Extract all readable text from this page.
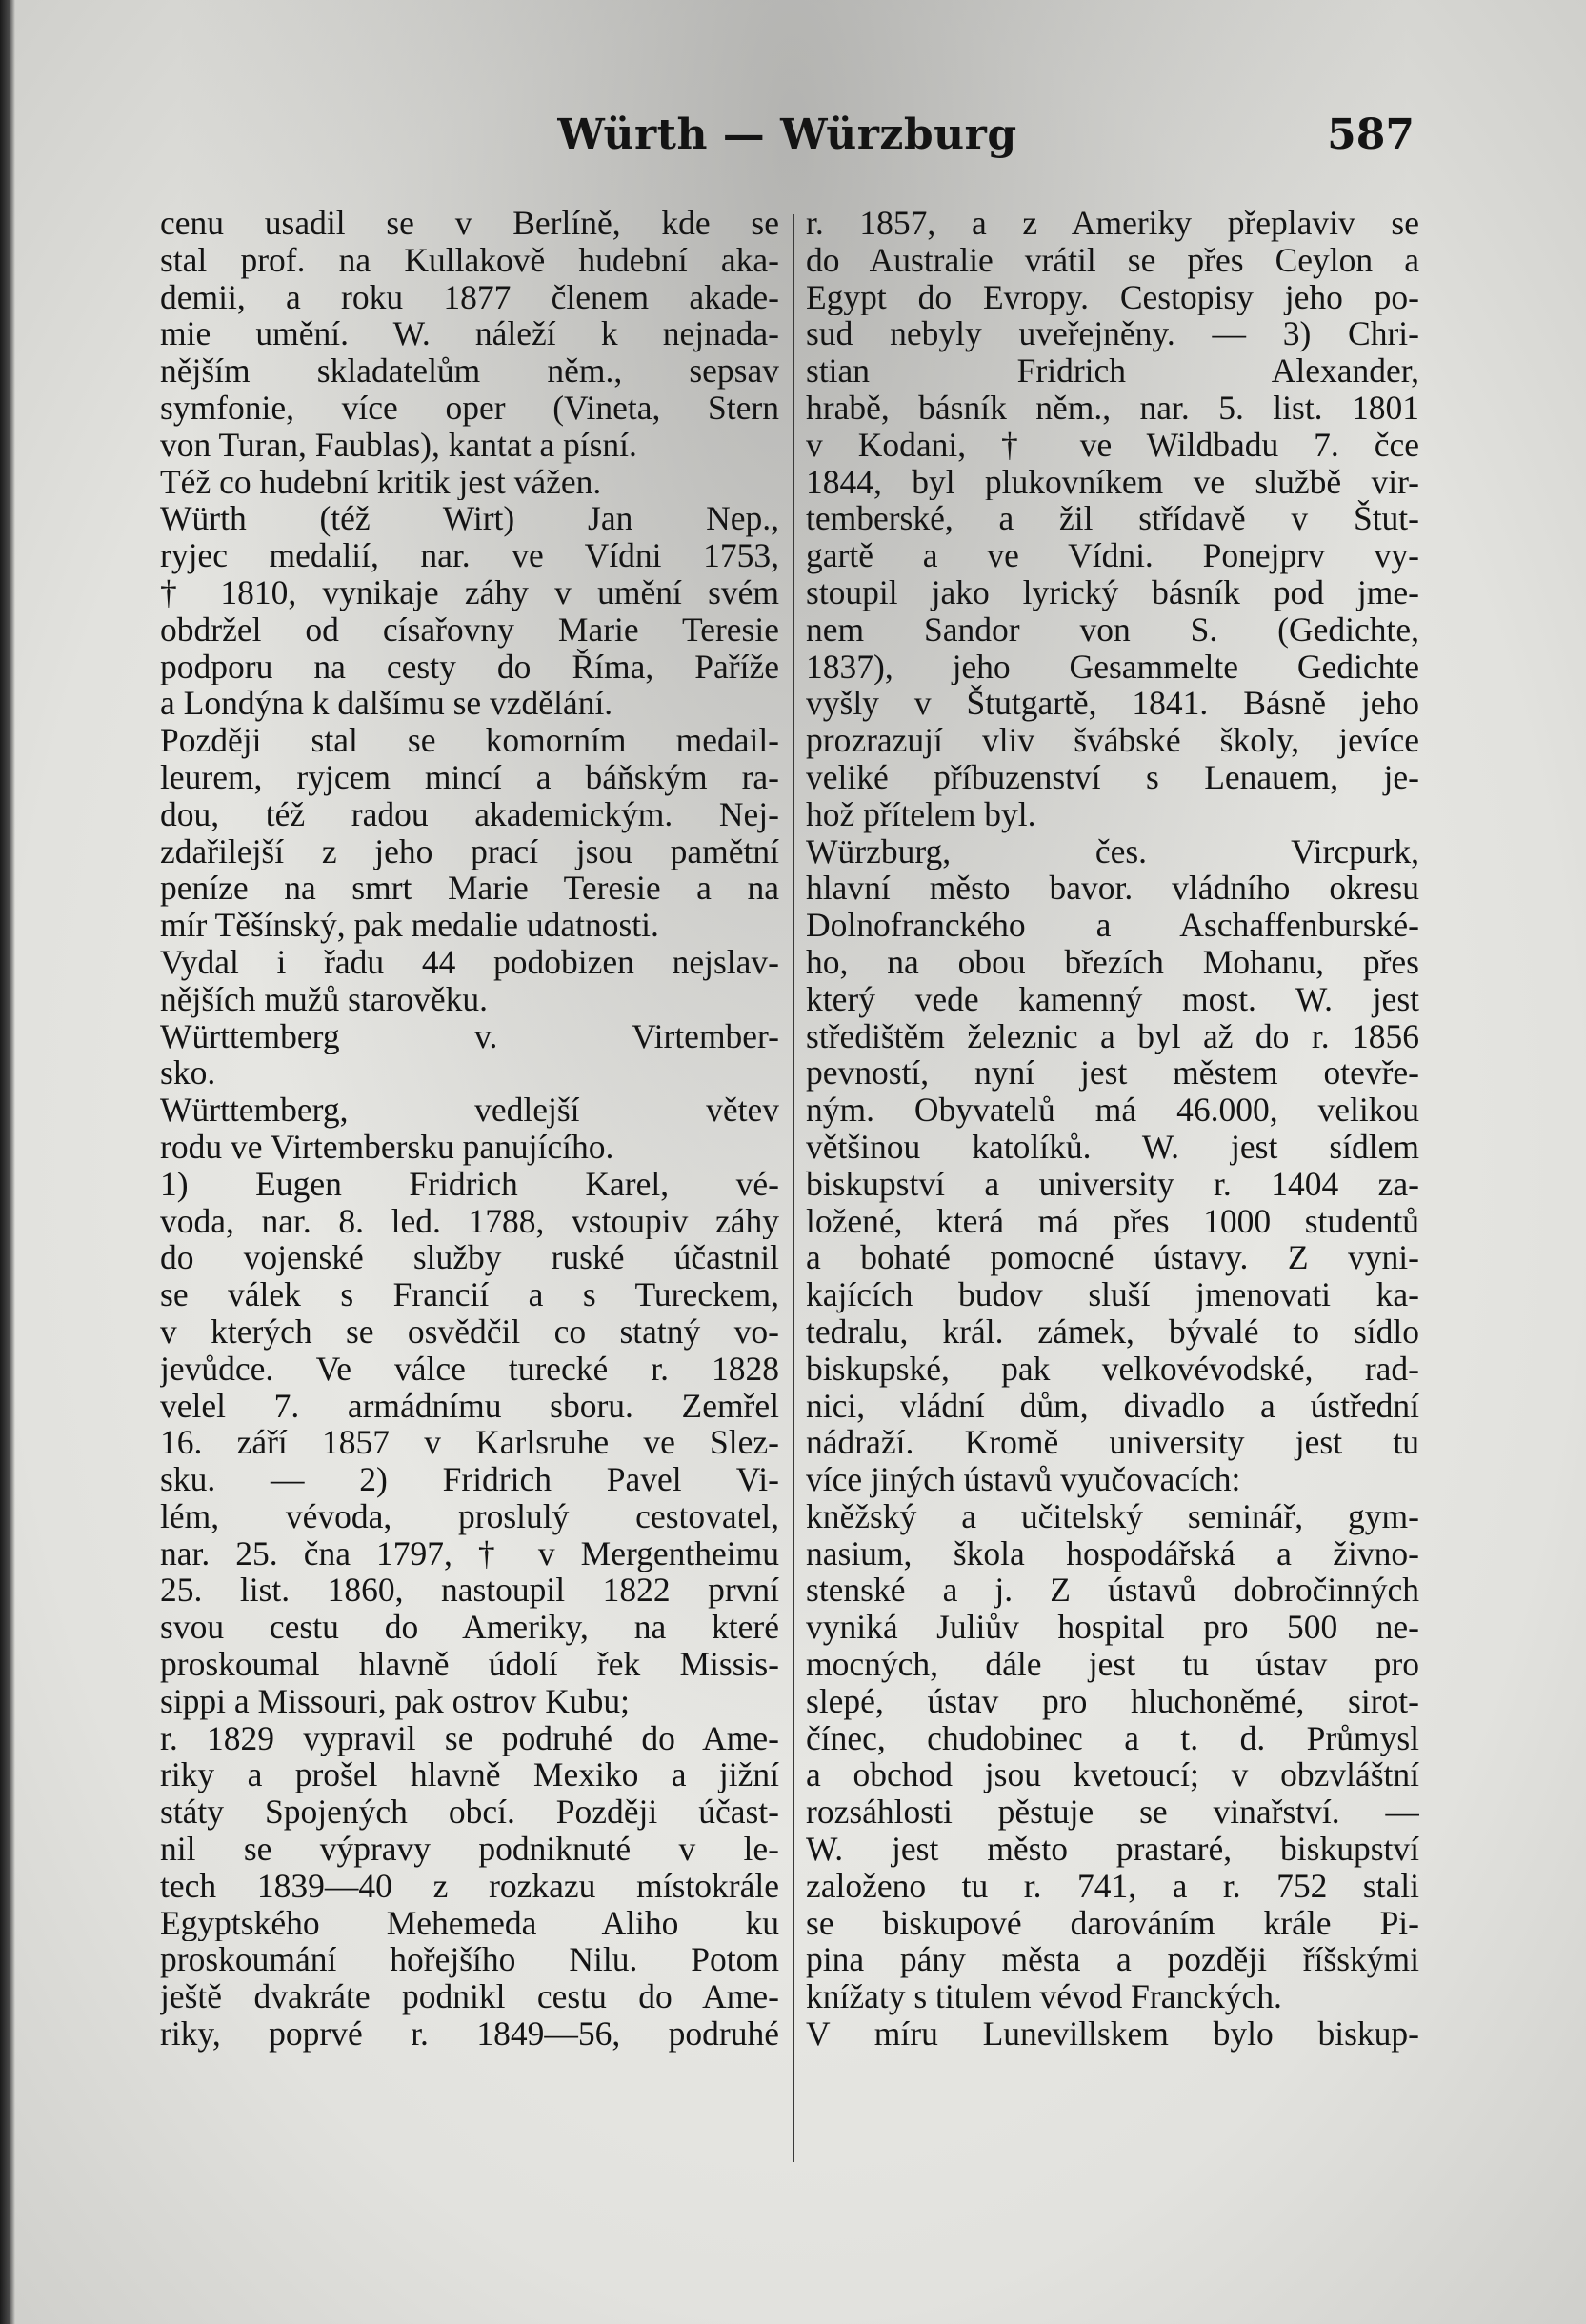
Würth — Würzburg	587
cenu usadil se v Berlíně, kde se
stal prof. na Kullakově hudební aka-
demii, a roku 1877 členem akade-
mie umění. W. náleží k nejnada-
nějším skladatelům něm., sepsav
symfonie, více oper (Vineta, Stern
von Turan, Faublas), kantat a písní.
Též co hudební kritik jest vážen.
Würth (též Wirt) Jan Nep.,
ryjec medalií, nar. ve Vídni 1753,
† 1810, vynikaje záhy v umění svém
obdržel od císařovny Marie Teresie
podporu na cesty do Říma, Paříže
a Londýna k dalšímu se vzdělání.
Později stal se komorním medail-
leurem, ryjcem mincí a báňským ra-
dou, též radou akademickým. Nej-
zdařilejší z jeho prací jsou pamětní
peníze na smrt Marie Teresie a na
mír Těšínský, pak medalie udatnosti.
Vydal i řadu 44 podobizen nejslav-
nějších mužů starověku.
Württemberg v. Virtember-
sko.
Württemberg, vedlejší větev
rodu ve Virtembersku panujícího.
1) Eugen Fridrich Karel, vé-
voda, nar. 8. led. 1788, vstoupiv záhy
do vojenské služby ruské účastnil
se válek s Francií a s Tureckem,
v kterých se osvědčil co statný vo-
jevůdce. Ve válce turecké r. 1828
velel 7. armádnímu sboru. Zemřel
16. září 1857 v Karlsruhe ve Slez-
sku. — 2) Fridrich Pavel Vi-
lém, vévoda, proslulý cestovatel,
nar. 25. čna 1797, † v Mergentheimu
25. list. 1860, nastoupil 1822 první
svou cestu do Ameriky, na které
proskoumal hlavně údolí řek Missis-
sippi a Missouri, pak ostrov Kubu;
r. 1829 vypravil se podruhé do Ame-
riky a prošel hlavně Mexiko a jižní
státy Spojených obcí. Později účast-
nil se výpravy podniknuté v le-
tech 1839—40 z rozkazu místokrále
Egyptského Mehemeda Aliho ku
proskoumání hořejšího Nilu. Potom
ještě dvakráte podnikl cestu do Ame-
riky, poprvé r. 1849—56, podruhé
r. 1857, a z Ameriky přeplaviv se
do Australie vrátil se přes Ceylon a
Egypt do Evropy. Cestopisy jeho po-
sud nebyly uveřejněny. — 3) Chri-
stian Fridrich Alexander,
hrabě, básník něm., nar. 5. list. 1801
v Kodani, † ve Wildbadu 7. čce
1844, byl plukovníkem ve službě vir-
temberské, a žil střídavě v Štut-
gartě a ve Vídni. Ponejprv vy-
stoupil jako lyrický básník pod jme-
nem Sandor von S. (Gedichte,
1837), jeho Gesammelte Gedichte
vyšly v Štutgartě, 1841. Básně jeho
prozrazují vliv švábské školy, jevíce
veliké příbuzenství s Lenauem, je-
hož přítelem byl.
Würzburg, čes. Vircpurk,
hlavní město bavor. vládního okresu
Dolnofranckého a Aschaffenburské-
ho, na obou březích Mohanu, přes
který vede kamenný most. W. jest
středištěm železnic a byl až do r. 1856
pevností, nyní jest městem otevře-
ným. Obyvatelů má 46.000, velikou
většinou katolíků. W. jest sídlem
biskupství a university r. 1404 za-
ložené, která má přes 1000 studentů
a bohaté pomocné ústavy. Z vyni-
kajících budov sluší jmenovati ka-
tedralu, král. zámek, bývalé to sídlo
biskupské, pak velkovévodské, rad-
nici, vládní dům, divadlo a ústřední
nádraží. Kromě university jest tu
více jiných ústavů vyučovacích:
kněžský a učitelský seminář, gym-
nasium, škola hospodářská a živno-
stenské a j. Z ústavů dobročinných
vyniká Juliův hospital pro 500 ne-
mocných, dále jest tu ústav pro
slepé, ústav pro hluchoněmé, sirot-
čínec, chudobinec a t. d. Průmysl
a obchod jsou kvetoucí; v obzvláštní
rozsáhlosti pěstuje se vinařství. —
W. jest město prastaré, biskupství
založeno tu r. 741, a r. 752 stali
se biskupové darováním krále Pi-
pina pány města a později říšskými
knížaty s titulem vévod Franckých.
V míru Lunevillskem bylo biskup-
